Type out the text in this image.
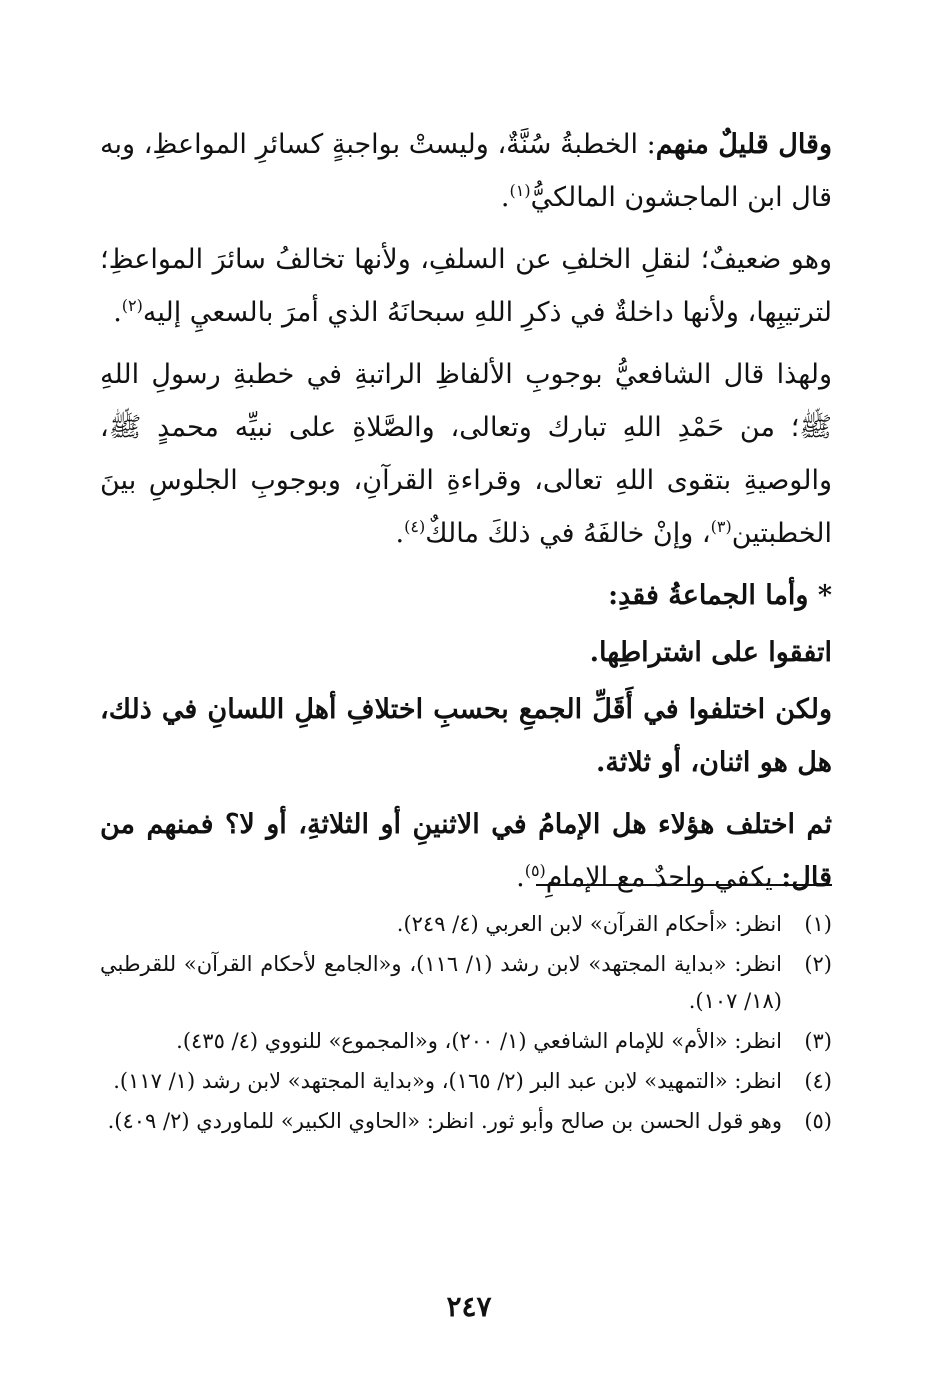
وقال قليلٌ منهم: الخطبةُ سُنَّةٌ، وليستْ بواجبةٍ كسائرِ المواعظِ، وبه قال ابن الماجشون المالكيُّ$^{(١)}$.

وهو ضعيفٌ؛ لنقلِ الخلفِ عن السلفِ، ولأنها تخالفُ سائرَ المواعظِ؛ لترتيبِها، ولأنها داخلةٌ في ذكرِ اللهِ سبحانَهُ الذي أمرَ بالسعيِ إليه$^{(٢)}$.

ولهذا قال الشافعيُّ بوجوبِ الألفاظِ الراتبةِ في خطبةِ رسولِ اللهِ ﷺ؛ من حَمْدِ اللهِ تبارك وتعالى، والصَّلاةِ على نبيِّه محمدٍ ﷺ، والوصيةِ بتقوى اللهِ تعالى، وقراءةِ القرآنِ، وبوجوبِ الجلوسِ بينَ الخطبتين$^{(٣)}$، وإنْ خالفَهُ في ذلكَ مالكٌ$^{(٤)}$.

* وأما الجماعةُ فقدِ:

اتفقوا على اشتراطِها.

ولكن اختلفوا في أَقَلِّ الجمعِ بحسبِ اختلافِ أهلِ اللسانِ في ذلك، هل هو اثنان، أو ثلاثة.

ثم اختلف هؤلاء هل الإمامُ في الاثنينِ أو الثلاثةِ، أو لا؟ فمنهم من قال: يكفي واحدٌ مع الإمامِ$^{(٥)}$.

(١)
انظر: «أحكام القرآن» لابن العربي (٤/ ٢٤٩).
(٢)
انظر: «بداية المجتهد» لابن رشد (١/ ١١٦)، و«الجامع لأحكام القرآن» للقرطبي (١٨/ ١٠٧).
(٣)
انظر: «الأم» للإمام الشافعي (١/ ٢٠٠)، و«المجموع» للنووي (٤/ ٤٣٥).
(٤)
انظر: «التمهيد» لابن عبد البر (٢/ ١٦٥)، و«بداية المجتهد» لابن رشد (١/ ١١٧).
(٥)
وهو قول الحسن بن صالح وأبو ثور. انظر: «الحاوي الكبير» للماوردي (٢/ ٤٠٩).
٢٤٧
